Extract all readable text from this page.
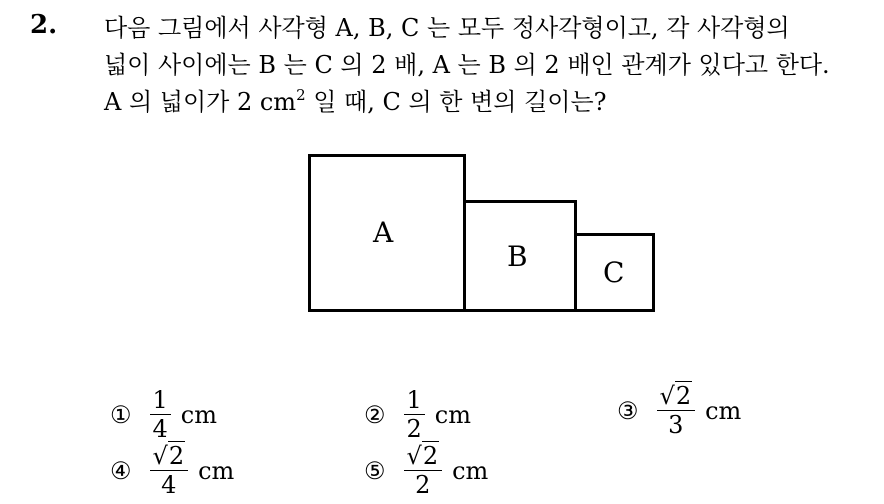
2. 다음 그림에서 사각형 A, B, C 는 모두 정사각형이고, 각 사각형의
넓이 사이에는 B 는 C 의 2 배, A 는 B 의 2 배인 관계가 있다고 한다.
A 의 넓이가 2 $cm^2$ 일 때, C 의 한 변의 길이는?
A
B	C
① $\frac{1}{4}$ cm	② $\frac{1}{2}$ cm	③ $\frac{√2}{3}$ cm
④ $\frac{√2}{4}$ cm	⑤ $\frac{√2}{2}$ cm
